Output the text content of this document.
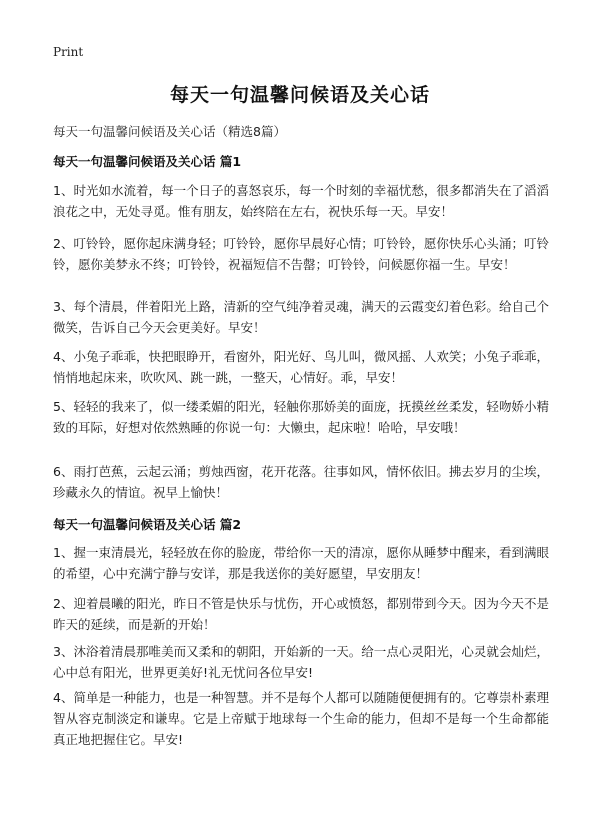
Print
每天一句温馨问候语及关心话
每天一句温馨问候语及关心话（精选8篇）
每天一句温馨问候语及关心话 篇1

1、时光如水流着，每一个日子的喜怒哀乐，每一个时刻的幸福忧愁，很多都消失在了滔滔浪花之中，无处寻觅。惟有朋友，始终陪在左右，祝快乐每一天。早安！

2、叮铃铃，愿你起床满身轻；叮铃铃，愿你早晨好心情；叮铃铃，愿你快乐心头涌；叮铃铃，愿你美梦永不终；叮铃铃，祝福短信不告罄；叮铃铃，问候愿你福一生。早安！

3、每个清晨，伴着阳光上路，清新的空气纯净着灵魂，满天的云霞变幻着色彩。给自己个微笑，告诉自己今天会更美好。早安！

4、小兔子乖乖，快把眼睁开，看窗外，阳光好、鸟儿叫，微风摇、人欢笑；小兔子乖乖，悄悄地起床来，吹吹风、跳一跳，一整天，心情好。乖，早安！

5、轻轻的我来了，似一缕柔媚的阳光，轻触你那娇美的面庞，抚摸丝丝柔发，轻吻娇小精致的耳际，好想对依然熟睡的你说一句：大懒虫，起床啦！哈哈，早安哦！

6、雨打芭蕉，云起云涌；剪烛西窗，花开花落。往事如风，情怀依旧。拂去岁月的尘埃，珍藏永久的情谊。祝早上愉快！

每天一句温馨问候语及关心话 篇2

1、握一束清晨光，轻轻放在你的脸庞，带给你一天的清凉，愿你从睡梦中醒来，看到满眼的希望，心中充满宁静与安详，那是我送你的美好愿望，早安朋友！

2、迎着晨曦的阳光，昨日不管是快乐与忧伤，开心或愤怒，都别带到今天。因为今天不是昨天的延续，而是新的开始！

3、沐浴着清晨那唯美而又柔和的朝阳，开始新的一天。给一点心灵阳光，心灵就会灿烂，心中总有阳光，世界更美好!礼无忧问各位早安!

4、简单是一种能力，也是一种智慧。并不是每个人都可以随随便便拥有的。它尊崇朴素理智从容克制淡定和谦卑。它是上帝赋于地球每一个生命的能力，但却不是每一个生命都能真正地把握住它。早安!
